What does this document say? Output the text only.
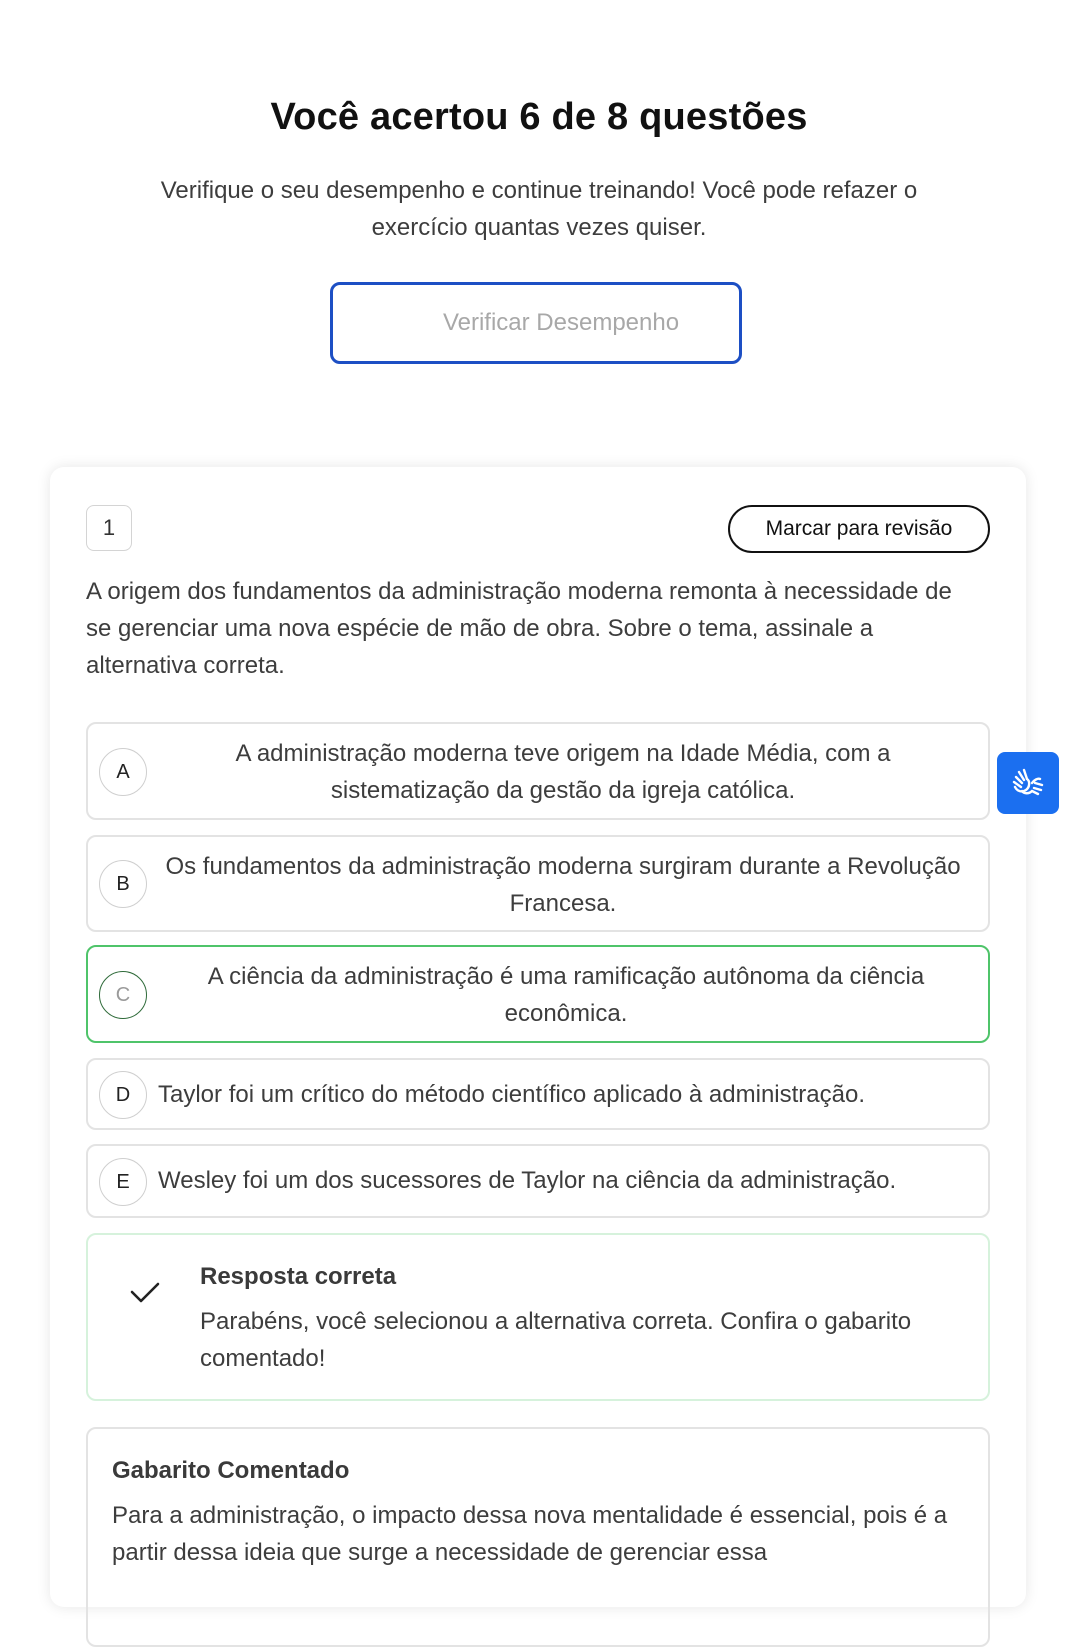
Você acertou 6 de 8 questões
Verifique o seu desempenho e continue treinando! Você pode refazer o exercício quantas vezes quiser.
Verificar Desempenho
1	Marcar para revisão
A origem dos fundamentos da administração moderna remonta à necessidade de se gerenciar uma nova espécie de mão de obra. Sobre o tema, assinale a alternativa correta.
A
A administração moderna teve origem na Idade Média, com a sistematização da gestão da igreja católica.
B
Os fundamentos da administração moderna surgiram durante a Revolução Francesa.
C
A ciência da administração é uma ramificação autônoma da ciência econômica.
D	Taylor foi um crítico do método científico aplicado à administração.
E	Wesley foi um dos sucessores de Taylor na ciência da administração.
Resposta correta
Parabéns, você selecionou a alternativa correta. Confira o gabarito comentado!
Gabarito Comentado
Para a administração, o impacto dessa nova mentalidade é essencial, pois é a partir dessa ideia que surge a necessidade de gerenciar essa
